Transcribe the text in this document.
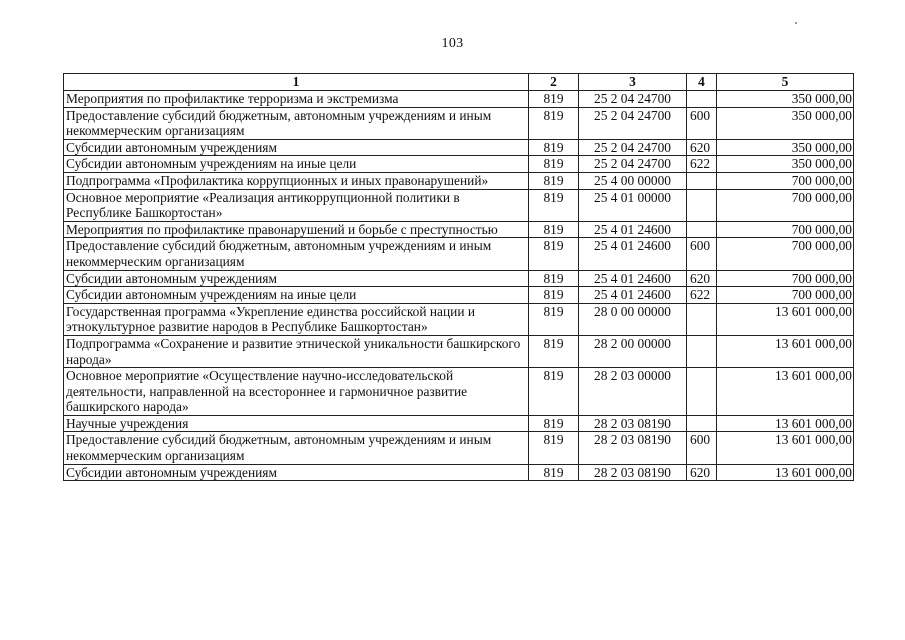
103
1	2	3	4	5
Мероприятия по профилактике терроризма и экстремизма	819	25 2 04 24700		350 000,00
Предоставление субсидий бюджетным, автономным учреждениям и иным некоммерческим организациям	819	25 2 04 24700	600	350 000,00
Субсидии автономным учреждениям	819	25 2 04 24700	620	350 000,00
Субсидии автономным учреждениям на иные цели	819	25 2 04 24700	622	350 000,00
Подпрограмма «Профилактика коррупционных и иных правонарушений»	819	25 4 00 00000		700 000,00
Основное мероприятие «Реализация антикоррупционной политики в Республике Башкортостан»	819	25 4 01 00000		700 000,00
Мероприятия по профилактике правонарушений и борьбе с преступностью	819	25 4 01 24600		700 000,00
Предоставление субсидий бюджетным, автономным учреждениям и иным некоммерческим организациям	819	25 4 01 24600	600	700 000,00
Субсидии автономным учреждениям	819	25 4 01 24600	620	700 000,00
Субсидии автономным учреждениям на иные цели	819	25 4 01 24600	622	700 000,00
Государственная программа «Укрепление единства российской нации и этнокультурное развитие народов в Республике Башкортостан»	819	28 0 00 00000		13 601 000,00
Подпрограмма «Сохранение и развитие этнической уникальности башкирского народа»	819	28 2 00 00000		13 601 000,00
Основное мероприятие «Осуществление научно-исследовательской деятельности, направленной на всестороннее и гармоничное развитие башкирского народа»	819	28 2 03 00000		13 601 000,00
Научные учреждения	819	28 2 03 08190		13 601 000,00
Предоставление субсидий бюджетным, автономным учреждениям и иным некоммерческим организациям	819	28 2 03 08190	600	13 601 000,00
Субсидии автономным учреждениям	819	28 2 03 08190	620	13 601 000,00
